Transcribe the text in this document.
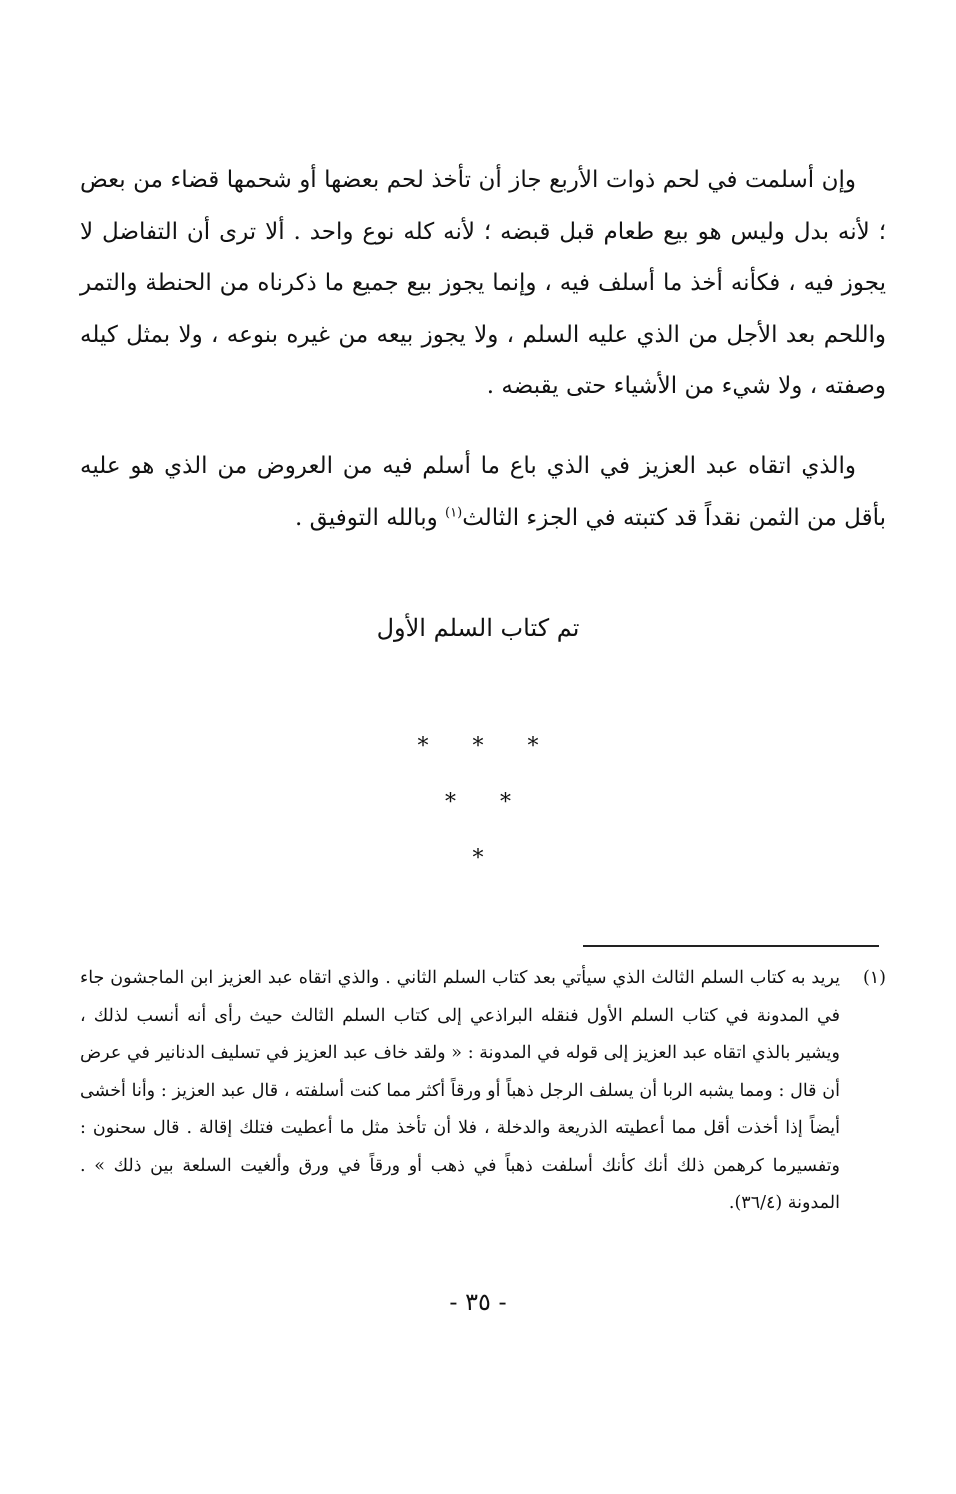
وإن أسلمت في لحم ذوات الأربع جاز أن تأخذ لحم بعضها أو شحمها قضاء من بعض ؛ لأنه بدل وليس هو بيع طعام قبل قبضه ؛ لأنه كله نوع واحد . ألا ترى أن التفاضل لا يجوز فيه ، فكأنه أخذ ما أسلف فيه ، وإنما يجوز بيع جميع ما ذكرناه من الحنطة والتمر واللحم بعد الأجل من الذي عليه السلم ، ولا يجوز بيعه من غيره بنوعه ، ولا بمثل كيله وصفته ، ولا شيء من الأشياء حتى يقبضه .

والذي اتقاه عبد العزيز في الذي باع ما أسلم فيه من العروض من الذي هو عليه بأقل من الثمن نقداً قد كتبته في الجزء الثالث$^{(١)}$ وبالله التوفيق .

تم كتاب السلم الأول

* * *
* *
*
(١)
يريد به كتاب السلم الثالث الذي سيأتي بعد كتاب السلم الثاني . والذي اتقاه عبد العزيز ابن الماجشون جاء في المدونة في كتاب السلم الأول فنقله البراذعي إلى كتاب السلم الثالث حيث رأى أنه أنسب لذلك ، ويشير بالذي اتقاه عبد العزيز إلى قوله في المدونة : « ولقد خاف عبد العزيز في تسليف الدنانير في عرض أن قال : ومما يشبه الربا أن يسلف الرجل ذهباً أو ورقاً أكثر مما كنت أسلفته ، قال عبد العزيز : وأنا أخشى أيضاً إذا أخذت أقل مما أعطيته الذريعة والدخلة ، فلا أن تأخذ مثل ما أعطيت فتلك إقالة . قال سحنون : وتفسيرما كرهمن ذلك أنك كأنك أسلفت ذهباً في ذهب أو ورقاً في ورق وألغيت السلعة بين ذلك » . المدونة (٣٦/٤).

- ٣٥ -
